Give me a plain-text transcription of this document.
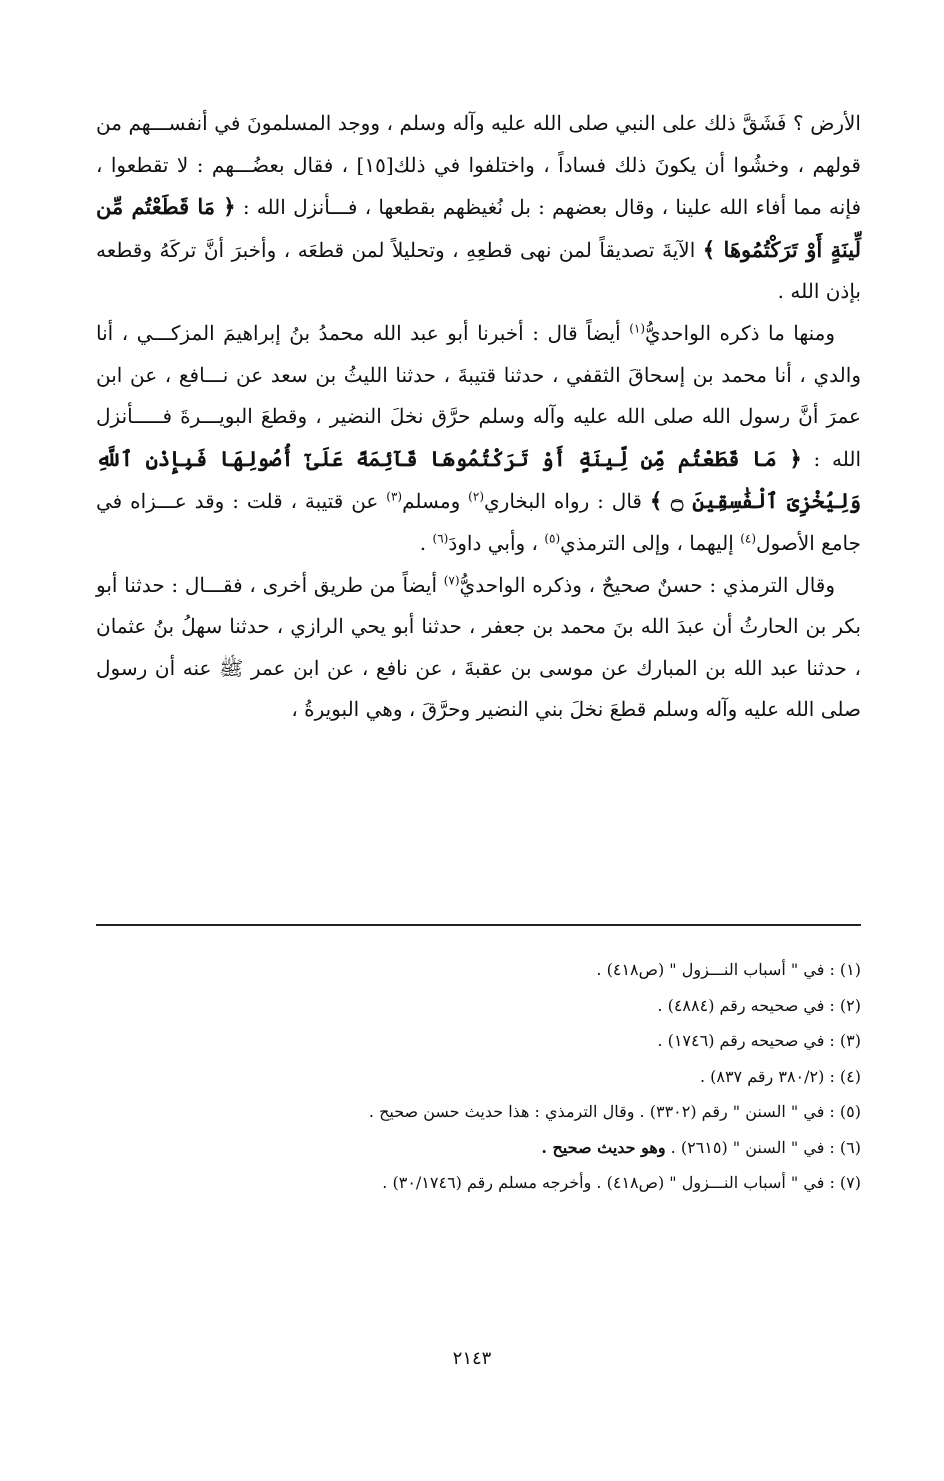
الأرض ؟ فَشَقَّ ذلك على النبي صلى الله عليه وآله وسلم ، ووجد المسلمونَ في أنفســـهم من قولهم ، وخشُوا أن يكونَ ذلك فساداً ، واختلفوا في ذلك[١٥] ، فقال بعضُـــهم : لا تقطعوا ، فإنه مما أفاء الله علينا ، وقال بعضهم : بل نُغيظهم بقطعها ، فـــأنزل الله : ﴿ مَا قَطَعْتُم مِّن لِّينَةٍ أَوْ تَرَكْتُمُوهَا ﴾ الآيةَ تصديقاً لمن نهى قطعِهِ ، وتحليلاً لمن قطعَه ، وأخبرَ أنَّ تركَهُ وقطعه بإذن الله .

ومنها ما ذكره الواحديُّ$^{(١)}$ أيضاً قال : أخبرنا أبو عبد الله محمدُ بنُ إبراهيمَ المزكـــي ، أنا والدي ، أنا محمد بن إسحاقَ الثقفي ، حدثنا قتيبةَ ، حدثنا الليثُ بن سعد عن نـــافع ، عن ابن عمرَ أنَّ رسول الله صلى الله عليه وآله وسلم حرَّق نخلَ النضير ، وقطعَ البويـــرةَ فـــــأنزل الله : ﴿ مَا قَطَعْتُم مِّن لِّينَةٍ أَوْ تَرَكْتُمُوهَا قَآئِمَةً عَلَىٰٓ أُصُولِهَا فَبِإِذْنِ ٱللَّهِ وَلِيُخْزِىَ ٱلْفَٰسِقِينَ ۝ ﴾ قال : رواه البخاري$^{(٢)}$ ومسلم$^{(٣)}$ عن قتيبة ، قلت : وقد عـــزاه في جامع الأصول$^{(٤)}$ إليهما ، وإلى الترمذي$^{(٥)}$ ، وأبي داودَ$^{(٦)}$ .

وقال الترمذي : حسنٌ صحيحٌ ، وذكره الواحديُّ$^{(٧)}$ أيضاً من طريق أخرى ، فقـــال : حدثنا أبو بكر بن الحارثُ أن عبدَ الله بنَ محمد بن جعفر ، حدثنا أبو يحي الرازي ، حدثنا سهلُ بنُ عثمان ، حدثنا عبد الله بن المبارك عن موسى بن عقبةَ ، عن نافع ، عن ابن عمر ﷺ عنه أن رسول صلى الله عليه وآله وسلم قطعَ نخلَ بني النضير وحرَّقَ ، وهي البويرةُ ،

(١) : في " أسباب النـــزول " (ص٤١٨) .

(٢) : في صحيحه رقم (٤٨٨٤) .

(٣) : في صحيحه رقم (١٧٤٦) .

(٤) : (٣٨٠/٢ رقم ٨٣٧) .

(٥) : في " السنن " رقم (٣٣٠٢) . وقال الترمذي : هذا حديث حسن صحيح .

(٦) : في " السنن " (٢٦١٥) . وهو حديث صحيح .

(٧) : في " أسباب النـــزول " (ص٤١٨) . وأخرجه مسلم رقم (٣٠/١٧٤٦) .

٢١٤٣
